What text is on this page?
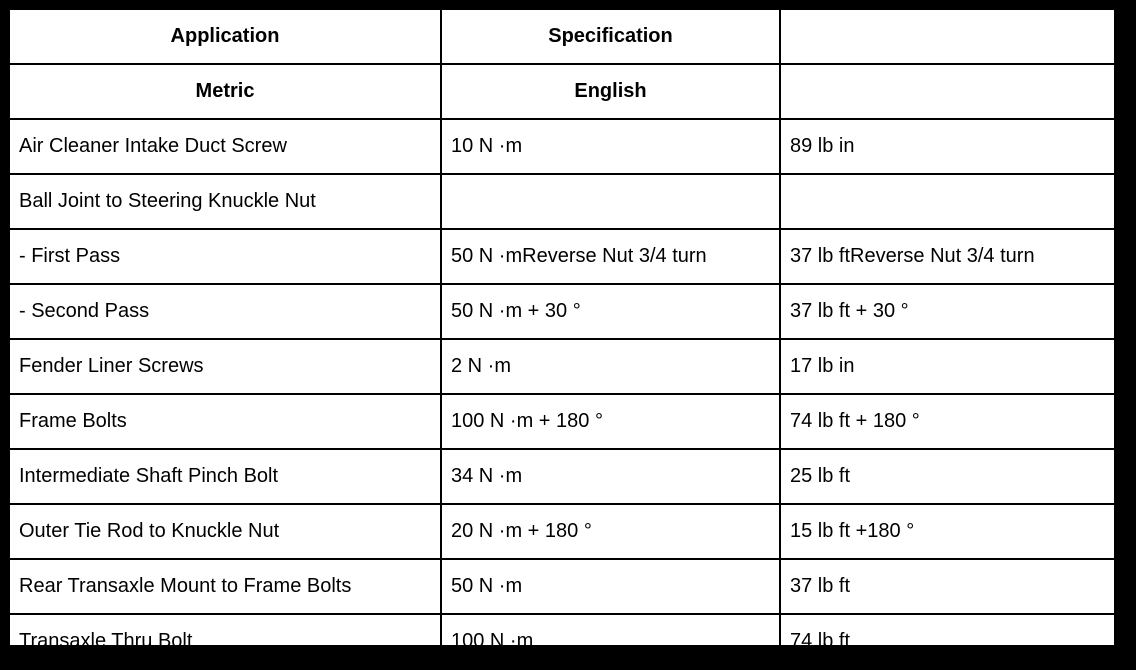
Application	Specification	
Metric	English	
Air Cleaner Intake Duct Screw	10 N ·m	89 lb in
Ball Joint to Steering Knuckle Nut		
- First Pass	50 N ·mReverse Nut 3/4 turn	37 lb ftReverse Nut 3/4 turn
- Second Pass	50 N ·m + 30 °	37 lb ft + 30 °
Fender Liner Screws	2 N ·m	17 lb in
Frame Bolts	100 N ·m + 180 °	74 lb ft + 180 °
Intermediate Shaft Pinch Bolt	34 N ·m	25 lb ft
Outer Tie Rod to Knuckle Nut	20 N ·m + 180 °	15 lb ft +180 °
Rear Transaxle Mount to Frame Bolts	50 N ·m	37 lb ft
Transaxle Thru Bolt	100 N ·m	74 lb ft
